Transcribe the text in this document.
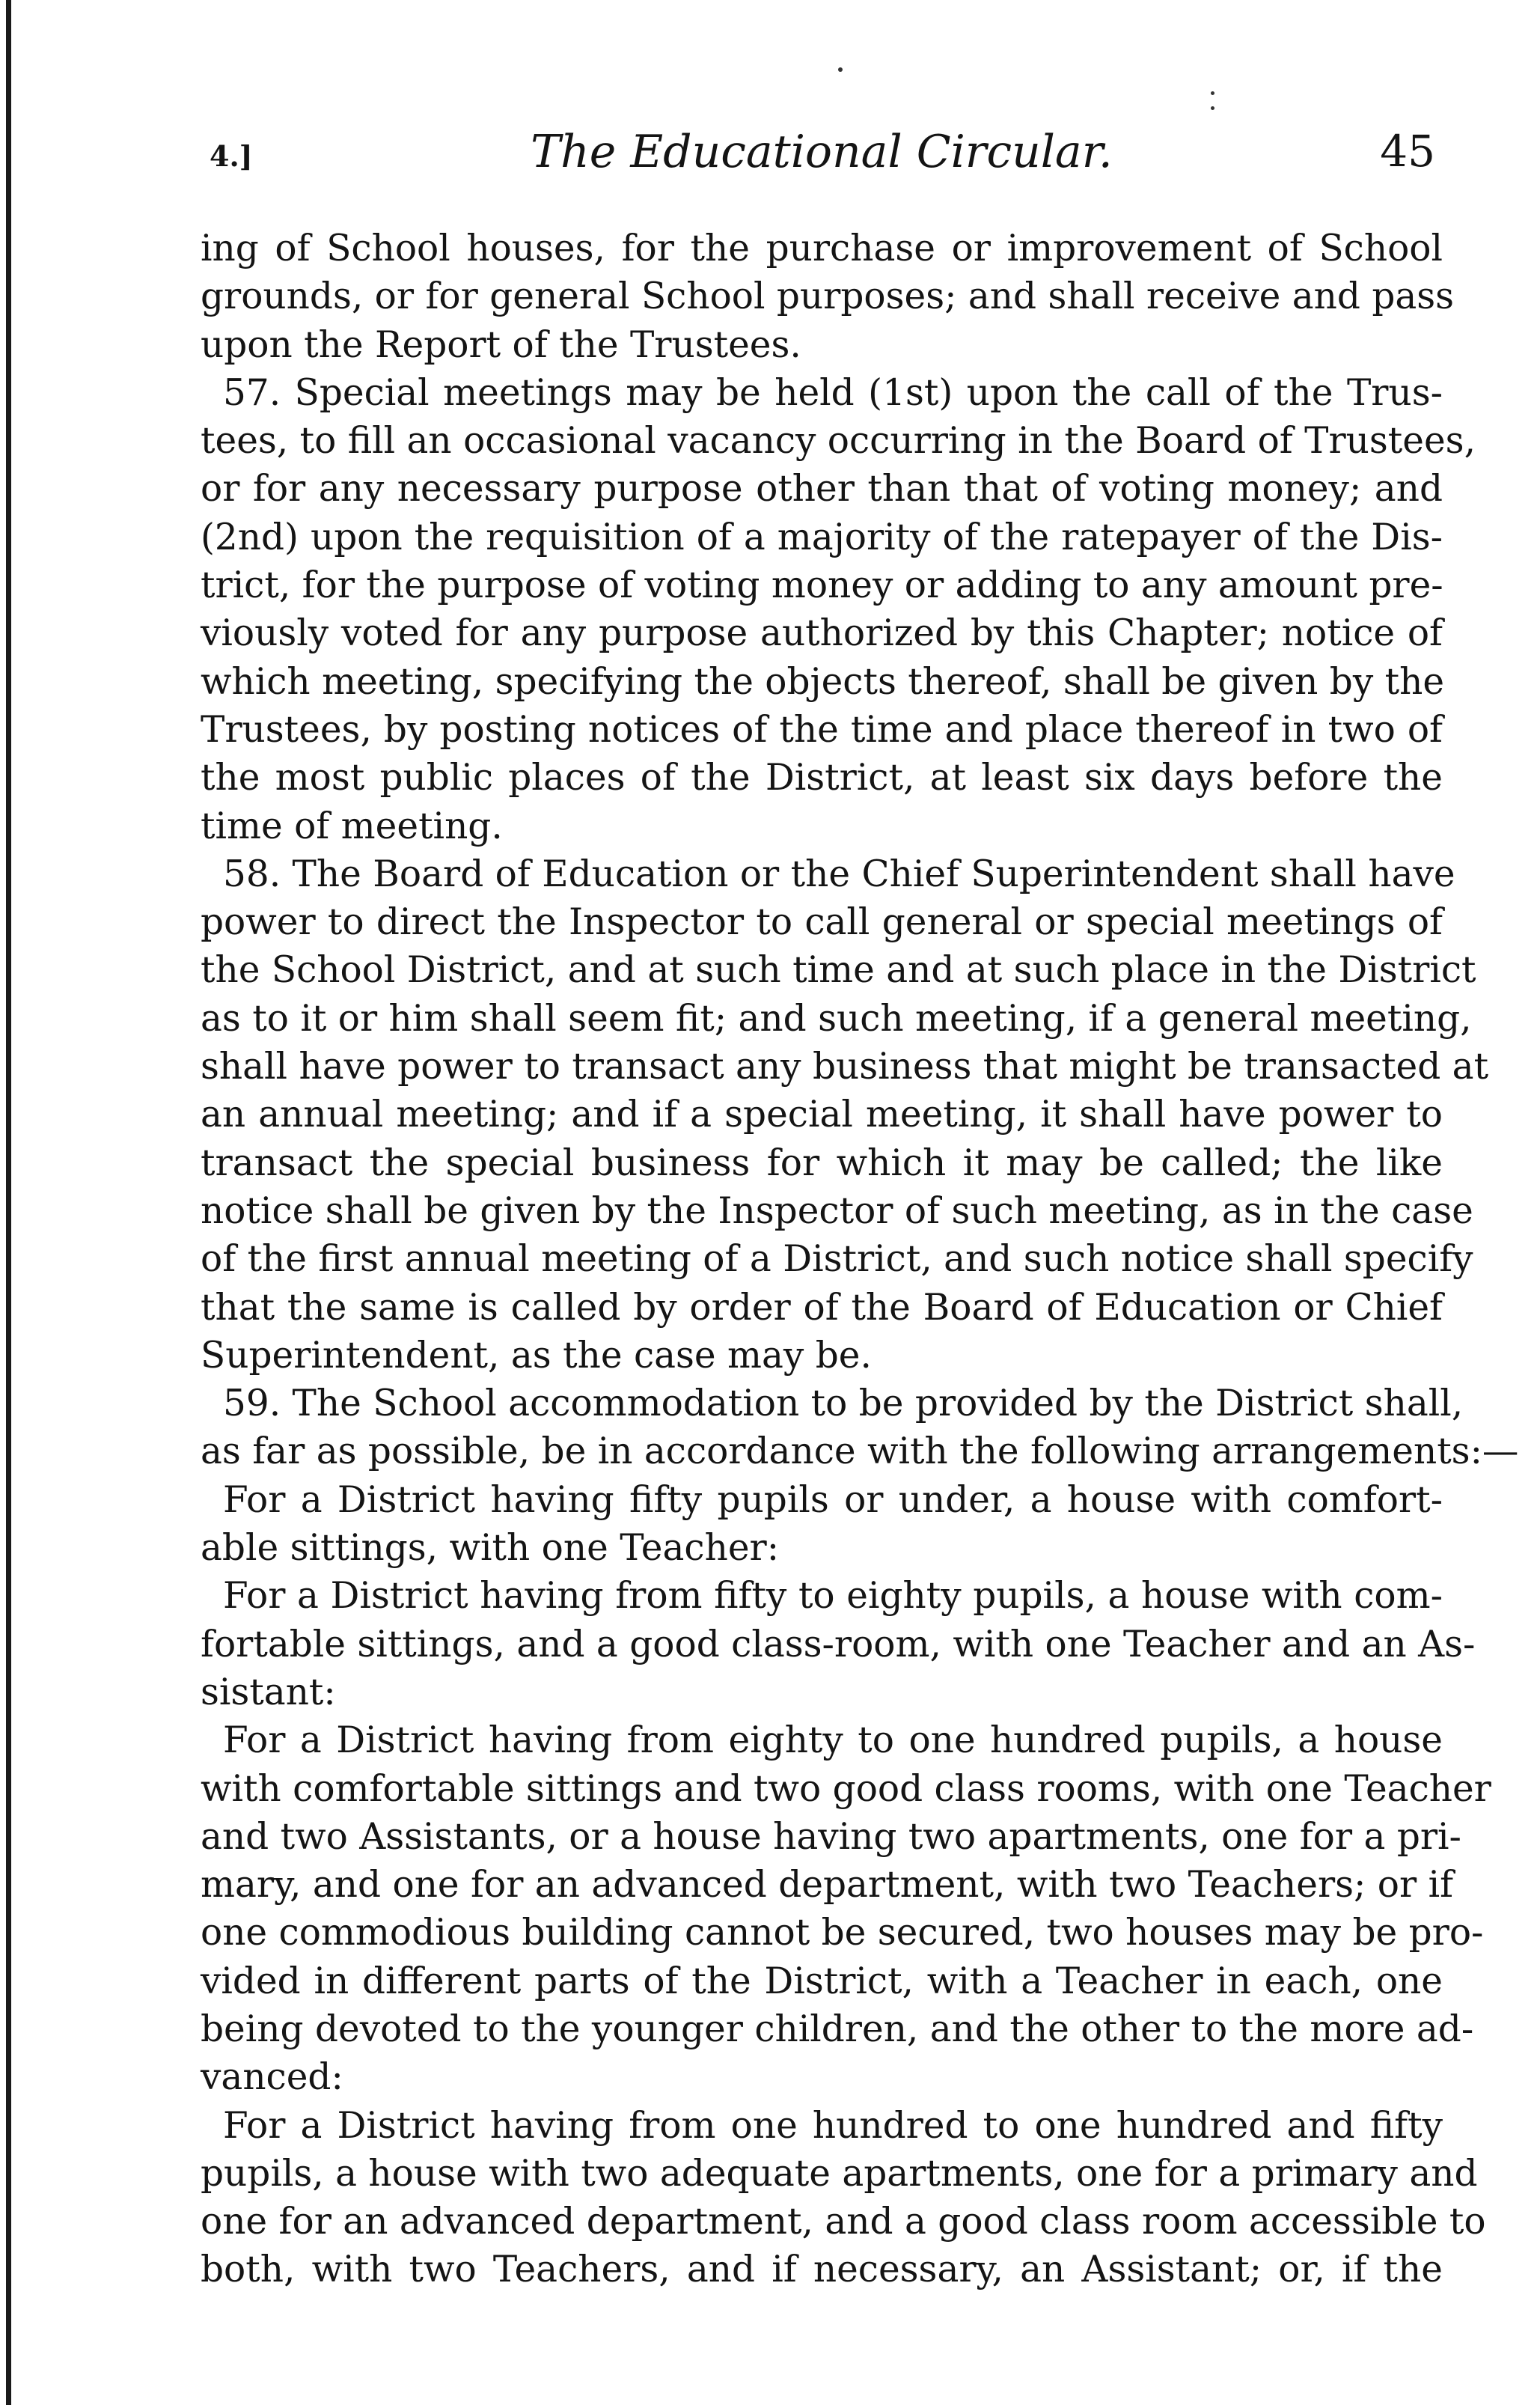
4.]	The Educational Circular.	45
ing of School houses, for the purchase or improvement of School
grounds, or for general School purposes; and shall receive and pass
upon the Report of the Trustees.
57. Special meetings may be held (1st) upon the call of the Trus-
tees, to fill an occasional vacancy occurring in the Board of Trustees,
or for any necessary purpose other than that of voting money; and
(2nd) upon the requisition of a majority of the ratepayer of the Dis-
trict, for the purpose of voting money or adding to any amount pre-
viously voted for any purpose authorized by this Chapter; notice of
which meeting, specifying the objects thereof, shall be given by the
Trustees, by posting notices of the time and place thereof in two of
the most public places of the District, at least six days before the
time of meeting.
58. The Board of Education or the Chief Superintendent shall have
power to direct the Inspector to call general or special meetings of
the School District, and at such time and at such place in the District
as to it or him shall seem fit; and such meeting, if a general meeting,
shall have power to transact any business that might be transacted at
an annual meeting; and if a special meeting, it shall have power to
transact the special business for which it may be called; the like
notice shall be given by the Inspector of such meeting, as in the case
of the first annual meeting of a District, and such notice shall specify
that the same is called by order of the Board of Education or Chief
Superintendent, as the case may be.
59. The School accommodation to be provided by the District shall,
as far as possible, be in accordance with the following arrangements:—
For a District having fifty pupils or under, a house with comfort-
able sittings, with one Teacher:
For a District having from fifty to eighty pupils, a house with com-
fortable sittings, and a good class-room, with one Teacher and an As-
sistant:
For a District having from eighty to one hundred pupils, a house
with comfortable sittings and two good class rooms, with one Teacher
and two Assistants, or a house having two apartments, one for a pri-
mary, and one for an advanced department, with two Teachers; or if
one commodious building cannot be secured, two houses may be pro-
vided in different parts of the District, with a Teacher in each, one
being devoted to the younger children, and the other to the more ad-
vanced:
For a District having from one hundred to one hundred and fifty
pupils, a house with two adequate apartments, one for a primary and
one for an advanced department, and a good class room accessible to
both, with two Teachers, and if necessary, an Assistant; or, if the
